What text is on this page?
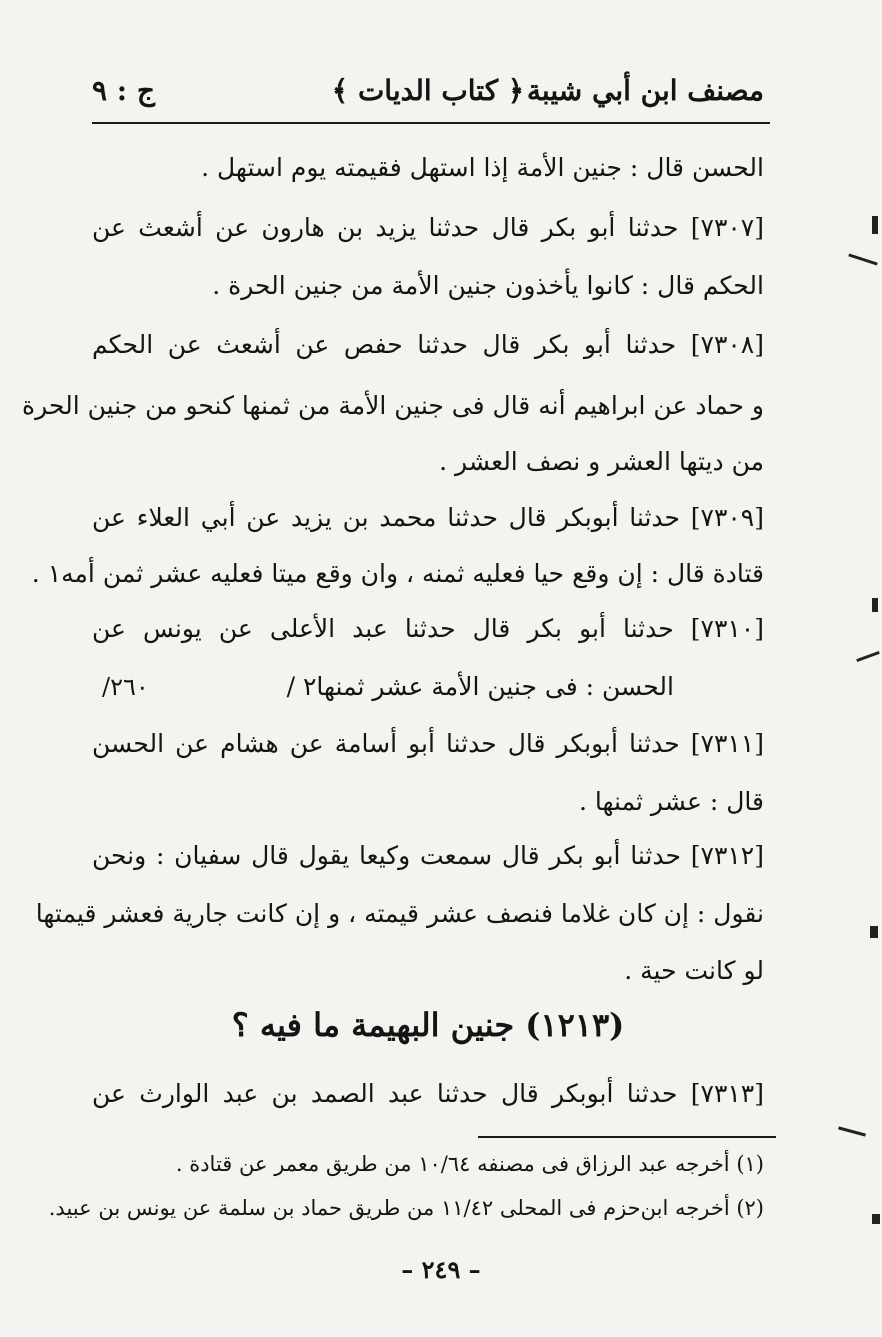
مصنف ابن أبي شيبة
﴿ كتاب الديات ﴾
ج : ٩
الحسن قال : جنين الأمة إذا استهل فقيمته يوم استهل .
[٧٣٠٧] حدثنا أبو بكر قال حدثنا يزيد بن هارون عن أشعث عن
الحكم قال : كانوا يأخذون جنين الأمة من جنين الحرة .
[٧٣٠٨] حدثنا أبو بكر قال حدثنا حفص عن أشعث عن الحكم
و حماد عن ابراهيم أنه قال فى جنين الأمة من ثمنها كنحو من جنين الحرة
من ديتها العشر و نصف العشر .
[٧٣٠٩] حدثنا أبوبكر قال حدثنا محمد بن يزيد عن أبي العلاء عن
قتادة قال : إن وقع حيا فعليه ثمنه ، وان وقع ميتا فعليه عشر ثمن أمه١ .
[٧٣١٠] حدثنا أبو بكر قال حدثنا عبد الأعلى عن يونس عن
الحسن : فى جنين الأمة عشر ثمنها٢ /
٢٦٠/
[٧٣١١] حدثنا أبوبكر قال حدثنا أبو أسامة عن هشام عن الحسن
قال : عشر ثمنها .
[٧٣١٢] حدثنا أبو بكر قال سمعت وكيعا يقول قال سفيان : ونحن
نقول : إن كان غلاما فنصف عشر قيمته ، و إن كانت جارية فعشر قيمتها
لو كانت حية .
(١٢١٣) جنين البهيمة ما فيه ؟
[٧٣١٣] حدثنا أبوبكر قال حدثنا عبد الصمد بن عبد الوارث عن
(١) أخرجه عبد الرزاق فى مصنفه ١٠/٦٤ من طريق معمر عن قتادة .
(٢) أخرجه ابن‌حزم فى المحلى ١١/٤٢ من طريق حماد بن سلمة عن يونس بن عبيد.
– ٢٤٩ –
